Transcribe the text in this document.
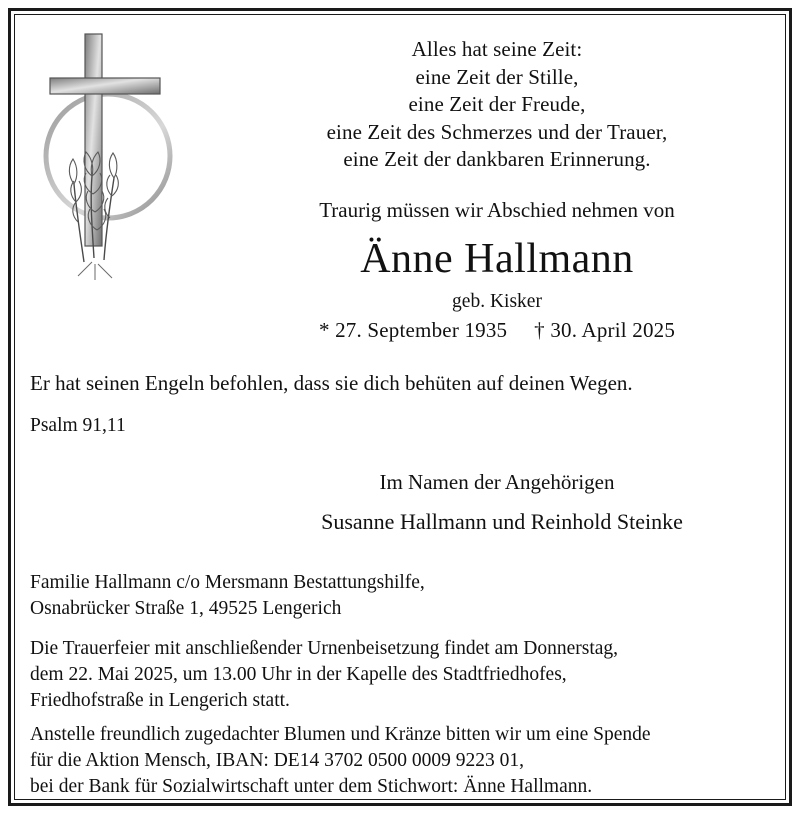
Alles hat seine Zeit:
eine Zeit der Stille,
eine Zeit der Freude,
eine Zeit des Schmerzes und der Trauer,
eine Zeit der dankbaren Erinnerung.
Traurig müssen wir Abschied nehmen von
Änne Hallmann
geb. Kisker
* 27. September 1935 † 30. April 2025
Er hat seinen Engeln befohlen, dass sie dich behüten auf deinen Wegen.
Psalm 91,11
Im Namen der Angehörigen
Susanne Hallmann und Reinhold Steinke
Familie Hallmann c/o Mersmann Bestattungshilfe,
Osnabrücker Straße 1, 49525 Lengerich
Die Trauerfeier mit anschließender Urnenbeisetzung findet am Donnerstag,
dem 22. Mai 2025, um 13.00 Uhr in der Kapelle des Stadtfriedhofes,
Friedhofstraße in Lengerich statt.
Anstelle freundlich zugedachter Blumen und Kränze bitten wir um eine Spende
für die Aktion Mensch, IBAN: DE14 3702 0500 0009 9223 01,
bei der Bank für Sozialwirtschaft unter dem Stichwort: Änne Hallmann.
